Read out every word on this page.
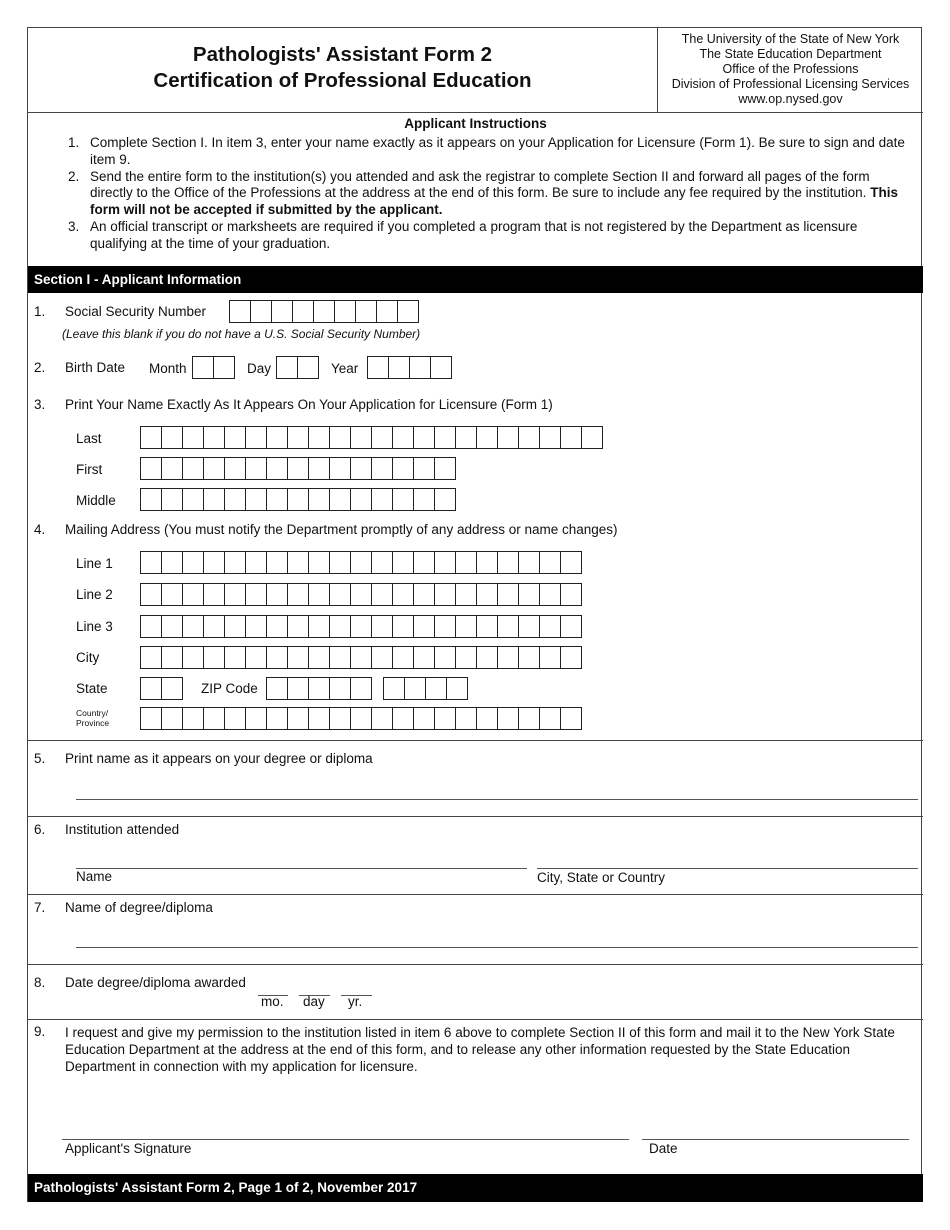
Pathologists' Assistant Form 2
Certification of Professional Education
The University of the State of New York
The State Education Department
Office of the Professions
Division of Professional Licensing Services
www.op.nysed.gov
Applicant Instructions
1. Complete Section I. In item 3, enter your name exactly as it appears on your Application for Licensure (Form 1). Be sure to sign and date item 9.
2. Send the entire form to the institution(s) you attended and ask the registrar to complete Section II and forward all pages of the form directly to the Office of the Professions at the address at the end of this form. Be sure to include any fee required by the institution. This form will not be accepted if submitted by the applicant.
3. An official transcript or marksheets are required if you completed a program that is not registered by the Department as licensure qualifying at the time of your graduation.
Section I - Applicant Information
1. Social Security Number
(Leave this blank if you do not have a U.S. Social Security Number)
2. Birth Date Month	Day	Year
3. Print Your Name Exactly As It Appears On Your Application for Licensure (Form 1)
Last
First
Middle
4. Mailing Address (You must notify the Department promptly of any address or name changes)
Line 1
Line 2
Line 3
City
State	ZIP Code
Country/
Province
5. Print name as it appears on your degree or diploma
6. Institution attended
Name	City, State or Country
7. Name of degree/diploma
8. Date degree/diploma awarded
mo. day yr.
9. I request and give my permission to the institution listed in item 6 above to complete Section II of this form and mail it to the New York State Education Department at the address at the end of this form, and to release any other information requested by the State Education Department in connection with my application for licensure.
Applicant's Signature	Date
Pathologists' Assistant Form 2, Page 1 of 2, November 2017
